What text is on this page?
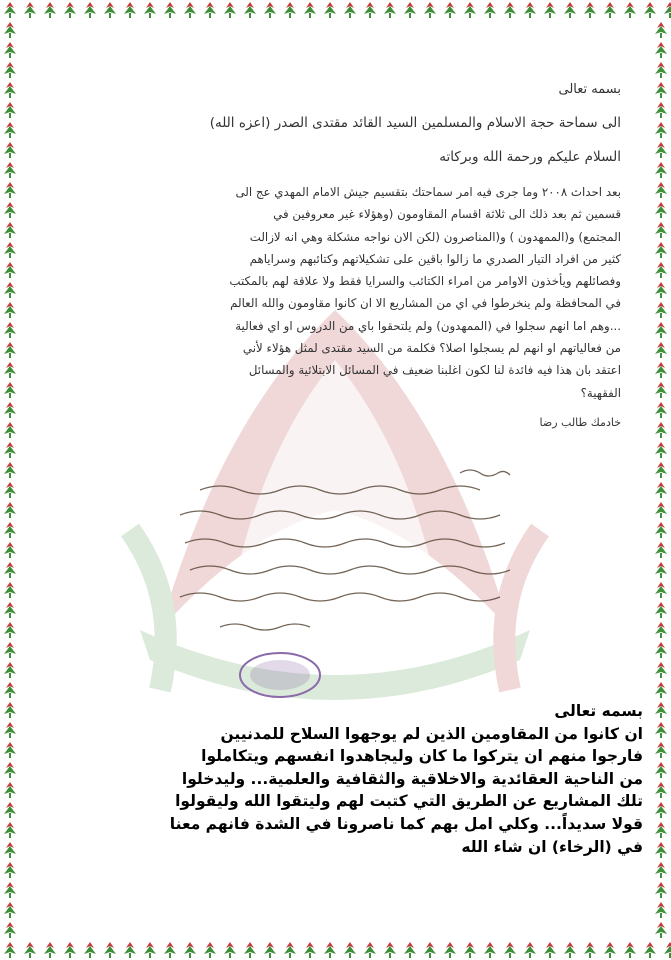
بسمه تعالى

الى سماحة حجة الاسلام والمسلمين السيد القائد مقتدى الصدر (اعزه الله)

السلام عليكم ورحمة الله وبركاته

بعد احداث ٢٠٠٨ وما جرى فيه امر سماحتك بتقسيم جيش الامام المهدي عج الى
قسمين ثم بعد ذلك الى ثلاثة اقسام المقاومون (وهؤلاء غير معروفين في
المجتمع) و(الممهدون ) و(المناصرون (لكن الان نواجه مشكلة وهي انه لازالت
كثير من افراد التيار الصدري ما زالوا باقين على تشكيلاتهم وكتائبهم وسراياهم
وفصائلهم ويأخذون الاوامر من امراء الكتائب والسرايا فقط ولا علاقة لهم بالمكتب
في المحافظة ولم ينخرطوا في اي من المشاريع الا ان كانوا مقاومون والله العالم
...وهم اما انهم سجلوا في (الممهدون) ولم يلتحقوا باي من الدروس او اي فعالية
من فعالياتهم او انهم لم يسجلوا اصلا؟ فكلمة من السيد مقتدى لمثل هؤلاء لأني
اعتقد بان هذا فيه فائدة لنا لكون اغلبنا ضعيف في المسائل الابتلائية والمسائل
الفقهية؟

خادمك طالب رضا

بسمه تعالى

ان كانوا من المقاومين الذين لم يوجهوا السلاح للمدنيين

فارجوا منهم ان يتركوا ما كان وليجاهدوا انفسهم ويتكاملوا

من الناحية العقائدية والاخلاقية والثقافية والعلمية... وليدخلوا

تلك المشاريع عن الطريق التي كتبت لهم وليتقوا الله وليقولوا

قولا سديداً... وكلي امل بهم كما ناصرونا في الشدة فانهم معنا

في (الرخاء) ان شاء الله
